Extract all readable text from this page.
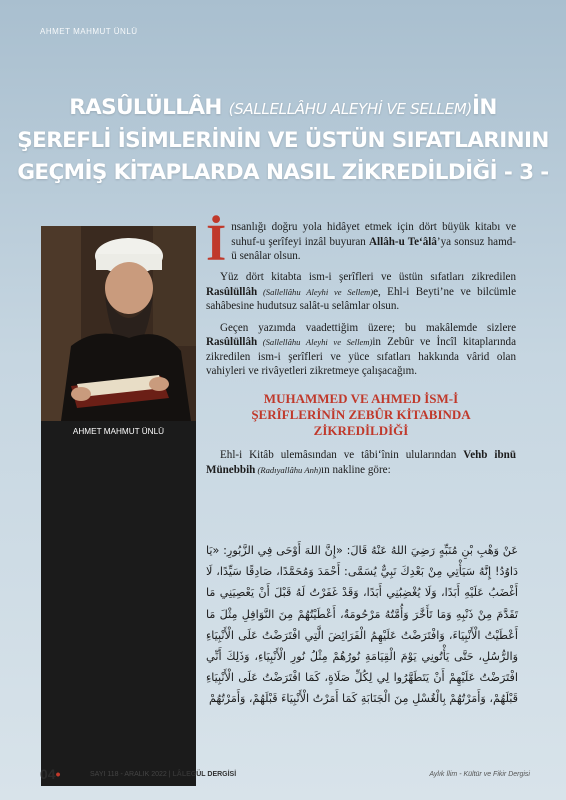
AHMET MAHMUT ÜNLÜ
RASÛLÜLLÂH (SALLELLÂHU ALEYHİ VE SELLEM)İN
ŞEREFLİ İSİMLERİNİN VE ÜSTÜN SIFATLARININ
GEÇMİŞ KİTAPLARDA NASIL ZİKREDİLDİĞİ - 3 -
AHMET MAHMUT ÜNLÜ

İnsanlığı doğru yola hidâyet etmek için dört büyük kitabı ve suhuf-u şerîfeyi inzâl buyuran Allâh-u Te‘âlâ’ya sonsuz hamd-ü senâlar olsun.

Yüz dört kitabta ism-i şerîfleri ve üstün sıfatları zikredilen Rasûlüllâh (Sallellâhu Aleyhi ve Sellem)e, Ehl-i Beyti’ne ve bilcümle sahâbesine hudutsuz salât-u selâmlar olsun.

Geçen yazımda vaadettiğim üzere; bu makâlemde sizlere Rasûlüllâh (Sallellâhu Aleyhi ve Sellem)in Zebûr ve İncîl kitaplarında zikredilen ism-i şerîfleri ve yüce sıfatları hakkında vârid olan vahiyleri ve rivâyetleri zikretmeye çalışacağım.

MUHAMMED VE AHMED İSM-İ
ŞERÎFLERİNİN ZEBÛR KİTABINDA
ZİKREDİLDİĞİ

Ehl-i Kitâb ulemâsından ve tâbi‘înin ulularından Vehb ibnü Münebbih (Radıyallâhu Anh)ın nakline göre:

عَنْ وَهْبِ بْنِ مُنَبِّهٍ رَضِيَ اللهُ عَنْهُ قَالَ: «إِنَّ اللهَ أَوْحَى فِي الزَّبُورِ: «يَا دَاوُدُ! إِنَّهُ سَيَأْتِي مِنْ بَعْدِكَ نَبِيٌّ يُسَمَّى: أَحْمَدَ وَمُحَمَّدًا، صَادِقًا سَيِّدًا، لَا أَغْضَبُ عَلَيْهِ أَبَدًا، وَلَا يُغْضِبُنِي أَبَدًا، وَقَدْ غَفَرْتُ لَهُ قَبْلَ أَنْ يَعْصِيَنِي مَا تَقَدَّمَ مِنْ ذَنْبِهِ وَمَا تَأَخَّرَ وَأُمَّتُهُ مَرْحُومَةٌ، أَعْطَيْتُهُمْ مِنَ النَّوَافِلِ مِثْلَ مَا أَعْطَيْتُ الْأَنْبِيَاءَ، وَافْتَرَضْتُ عَلَيْهِمُ الْفَرَائِضَ الَّتِي افْتَرَضْتُ عَلَى الْأَنْبِيَاءِ وَالرُّسُلِ، حَتَّى يَأْتُونِي يَوْمَ الْقِيَامَةِ نُورُهُمْ مِثْلُ نُورِ الْأَنْبِيَاءِ، وَذَلِكَ أَنِّي افْتَرَضْتُ عَلَيْهِمْ أَنْ يَتَطَهَّرُوا لِي لِكُلِّ صَلَاةٍ، كَمَا افْتَرَضْتُ عَلَى الْأَنْبِيَاءِ قَبْلَهُمْ، وَأَمَرْتُهُمْ بِالْغُسْلِ مِنَ الْجَنَابَةِ كَمَا أَمَرْتُ الْأَنْبِيَاءَ قَبْلَهُمْ، وَأَمَرْتُهُمْ
04•	SAYI 118 - ARALIK 2022 | LÂLEGÜL DERGİSİ	Aylık İlim - Kültür ve Fikir Dergisi
